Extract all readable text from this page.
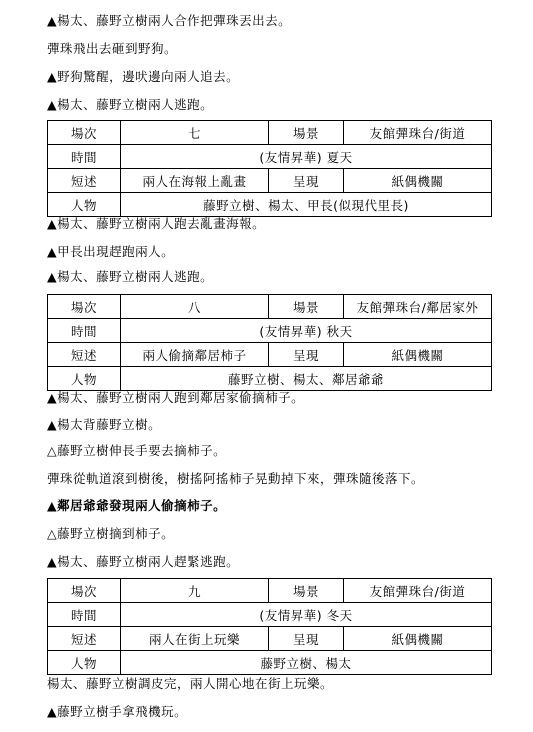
▲楊太、藤野立樹兩人合作把彈珠丟出去。
彈珠飛出去砸到野狗。
▲野狗驚醒，邊吠邊向兩人追去。
▲楊太、藤野立樹兩人逃跑。
場次	七	場景	友館彈珠台/街道
時間	(友情昇華) 夏天		
短述	兩人在海報上亂畫	呈現	紙偶機關
人物	藤野立樹、楊太、甲長(似現代里長)		
▲楊太、藤野立樹兩人跑去亂畫海報。
▲甲長出現趕跑兩人。
▲楊太、藤野立樹兩人逃跑。
場次	八	場景	友館彈珠台/鄰居家外
時間	(友情昇華) 秋天		
短述	兩人偷摘鄰居柿子	呈現	紙偶機關
人物	藤野立樹、楊太、鄰居爺爺		
▲楊太、藤野立樹兩人跑到鄰居家偷摘柿子。
▲楊太背藤野立樹。
△藤野立樹伸長手要去摘柿子。
彈珠從軌道滾到樹後，樹搖阿搖柿子晃動掉下來，彈珠隨後落下。
▲鄰居爺爺發現兩人偷摘柿子。
△藤野立樹摘到柿子。
▲楊太、藤野立樹兩人趕緊逃跑。
場次	九	場景	友館彈珠台/街道
時間	(友情昇華) 冬天		
短述	兩人在街上玩樂	呈現	紙偶機關
人物	藤野立樹、楊太		
楊太、藤野立樹調皮完，兩人開心地在街上玩樂。
▲藤野立樹手拿飛機玩。
